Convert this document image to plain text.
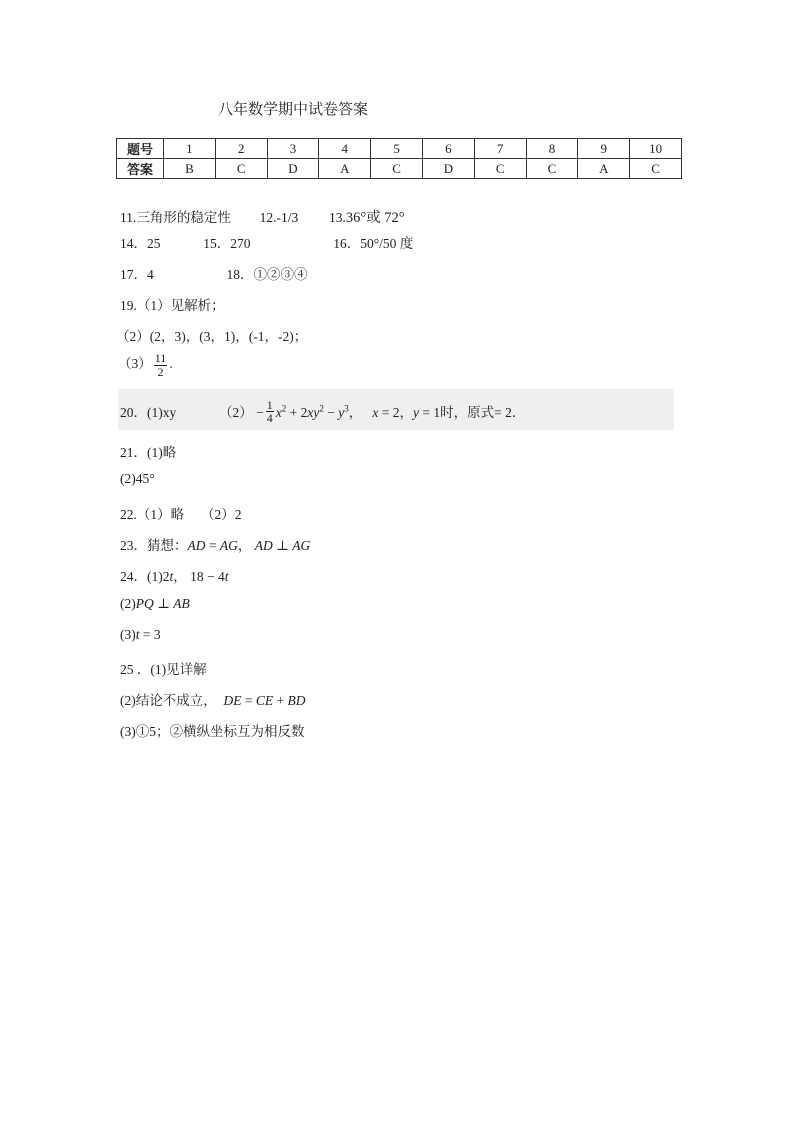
八年数学期中试卷答案
题号	1	2	3	4	5	6	7	8	9	10
答案	B	C	D	A	C	D	C	C	A	C
11.三角形的稳定性 12.-1/3 13.36°或 72°
14．25	15．270	16．50°/50 度
17．4	18．①②③④
19.（1）见解析；
（2）(2，3)，(3，1)，(-1，-2)；
$(3) \frac{11}{2}$ .
20．(1)xy	$(2) - \frac{1}{4} x^2 + 2xy^2 - y^3$，   x = 2，y = 1时，原式= 2．
21．(1)略
(2)45°
22.（1）略　 （2）2
23．猜想：AD = AG， AD ⊥ AG
24．(1)2t， 18 − 4t
(2)PQ ⊥ AB
(3)t = 3
25 ．(1)见详解
(2)结论不成立， DE = CE + BD
(3)①5；②横纵坐标互为相反数
